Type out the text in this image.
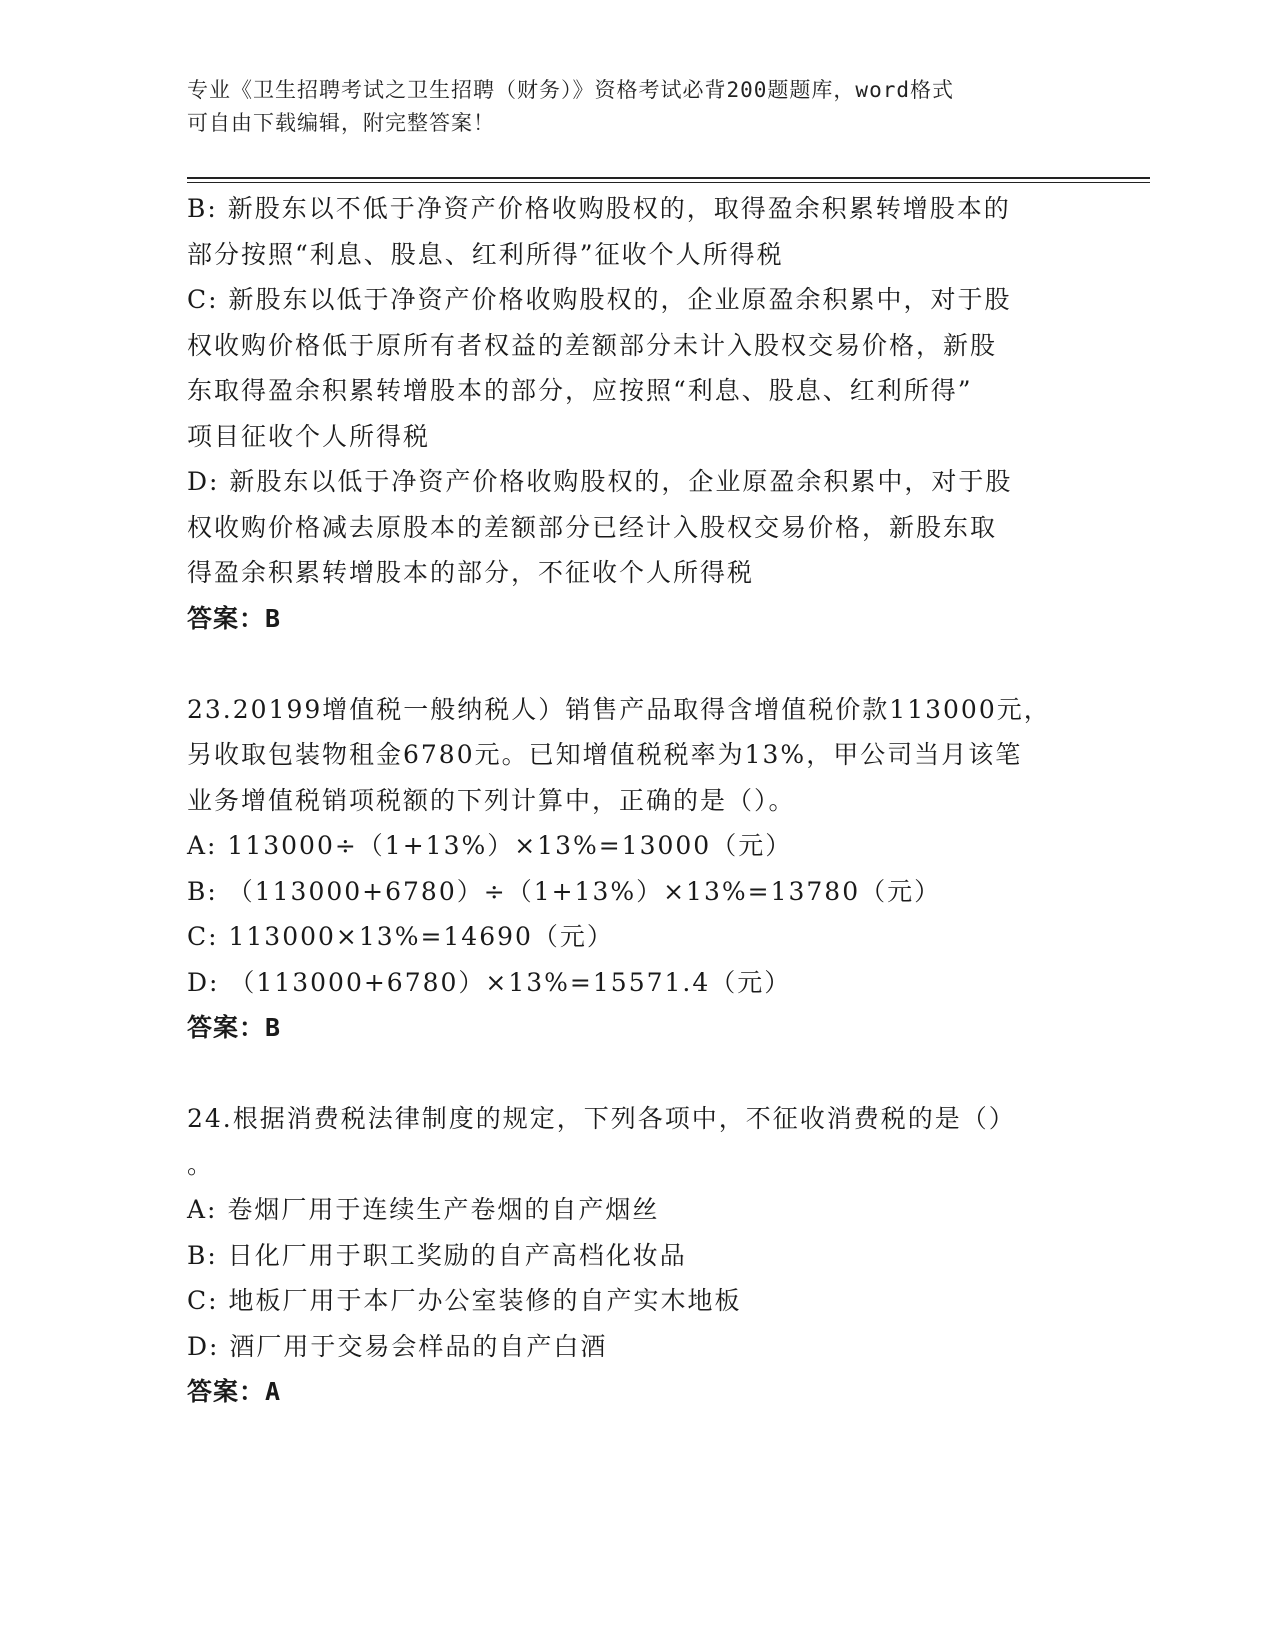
专业《卫生招聘考试之卫生招聘（财务）》资格考试必背200题题库，word格式
可自由下载编辑，附完整答案！
B: 新股东以不低于净资产价格收购股权的，取得盈余积累转增股本的
部分按照“利息、股息、红利所得”征收个人所得税
C: 新股东以低于净资产价格收购股权的，企业原盈余积累中，对于股
权收购价格低于原所有者权益的差额部分未计入股权交易价格，新股
东取得盈余积累转增股本的部分，应按照“利息、股息、红利所得”
项目征收个人所得税
D: 新股东以低于净资产价格收购股权的，企业原盈余积累中，对于股
权收购价格减去原股本的差额部分已经计入股权交易价格，新股东取
得盈余积累转增股本的部分，不征收个人所得税
答案：B
23.20199增值税一般纳税人）销售产品取得含增值税价款113000元，
另收取包装物租金6780元。已知增值税税率为13%，甲公司当月该笔
业务增值税销项税额的下列计算中，正确的是（）。
A: 113000÷（1+13%）×13%=13000（元）
B: （113000+6780）÷（1+13%）×13%=13780（元）
C: 113000×13%=14690（元）
D: （113000+6780）×13%=15571.4（元）
答案：B
24.根据消费税法律制度的规定，下列各项中，不征收消费税的是（）
。
A: 卷烟厂用于连续生产卷烟的自产烟丝
B: 日化厂用于职工奖励的自产高档化妆品
C: 地板厂用于本厂办公室装修的自产实木地板
D: 酒厂用于交易会样品的自产白酒
答案：A
